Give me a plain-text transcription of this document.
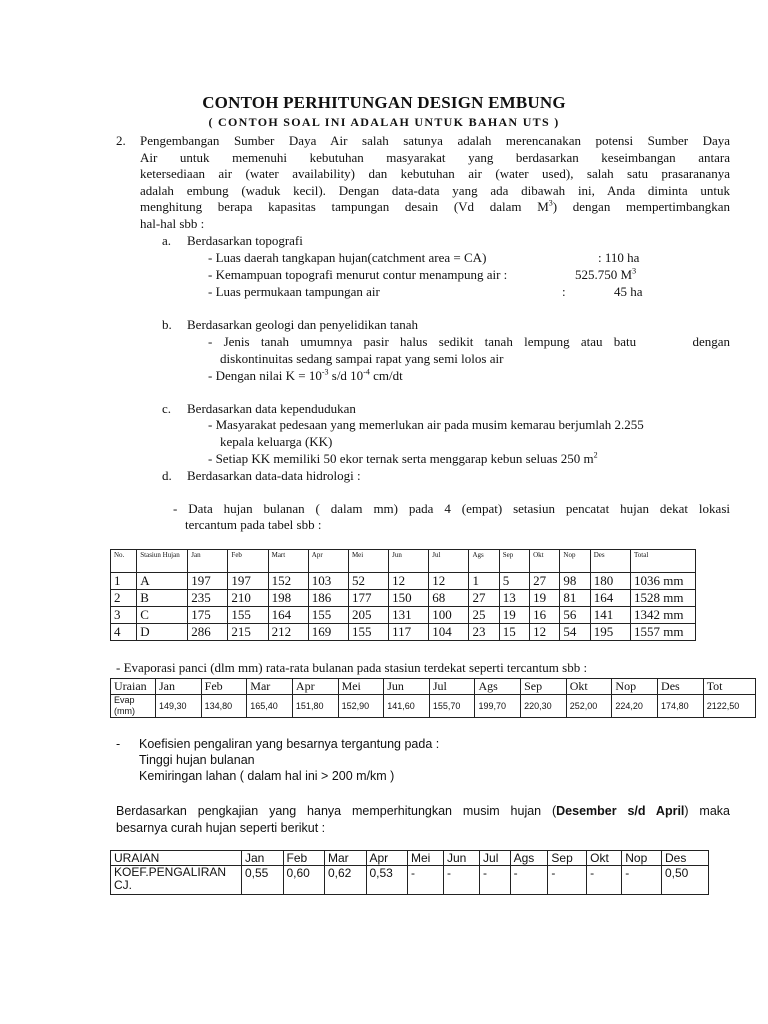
CONTOH PERHITUNGAN DESIGN EMBUNG
( CONTOH SOAL INI ADALAH UNTUK BAHAN UTS )
2. Pengembangan Sumber Daya Air salah satunya adalah merencanakan potensi Sumber Daya
Air untuk memenuhi kebutuhan masyarakat yang berdasarkan keseimbangan antara
ketersediaan air (water availability) dan kebutuhan air (water used), salah satu prasarananya
adalah embung (waduk kecil). Dengan data-data yang ada dibawah ini, Anda diminta untuk
menghitung berapa kapasitas tampungan desain (Vd dalam $M^3$) dengan mempertimbangkan
hal-hal sbb :
a. Berdasarkan topografi
- Luas daerah tangkapan hujan(catchment area = CA)	: 110 ha
- Kemampuan topografi menurut contur menampung air :	525.750 $M^3$
- Luas permukaan tampungan air	:	45 ha
b. Berdasarkan geologi dan penyelidikan tanah
- Jenis tanah umumnya pasir halus sedikit tanah lempung atau batu     dengan
diskontinuitas sedang sampai rapat yang semi lolos air
- Dengan nilai $K = 10^{-3}$ s/d $10^{-4}$ cm/dt
c. Berdasarkan data kependudukan
- Masyarakat pedesaan yang memerlukan air pada musim kemarau berjumlah 2.255
kepala keluarga (KK)
- Setiap KK memiliki 50 ekor ternak serta menggarap kebun seluas 250 $m^2$
d. Berdasarkan data-data hidrologi :
- Data hujan bulanan ( dalam mm) pada 4 (empat) setasiun pencatat hujan dekat lokasi
tercantum pada tabel sbb :
No.	Stasiun Hujan	Jan	Feb	Mart	Apr	Mei	Jun	Jul	Ags	Sep	Okt	Nop	Des	Total
1	A	197	197	152	103	52	12	12	1	5	27	98	180	1036 mm
2	B	235	210	198	186	177	150	68	27	13	19	81	164	1528 mm
3	C	175	155	164	155	205	131	100	25	19	16	56	141	1342 mm
4	D	286	215	212	169	155	117	104	23	15	12	54	195	1557 mm
- Evaporasi panci (dlm mm) rata-rata bulanan pada stasiun terdekat seperti tercantum sbb :
Uraian	Jan	Feb	Mar	Apr	Mei	Jun	Jul	Ags	Sep	Okt	Nop	Des	Tot
Evap (mm)	149,30	134,80	165,40	151,80	152,90	141,60	155,70	199,70	220,30	252,00	224,20	174,80	2122,50
- Koefisien pengaliran yang besarnya tergantung pada :
Tinggi hujan bulanan
Kemiringan lahan ( dalam hal ini > 200 m/km )
Berdasarkan pengkajian yang hanya memperhitungkan musim hujan (Desember s/d April) maka
besarnya curah hujan seperti berikut :
URAIAN	Jan	Feb	Mar	Apr	Mei	Jun	Jul	Ags	Sep	Okt	Nop	Des
KOEF.PENGALIRAN CJ.	0,55	0,60	0,62	0,53	-	-	-	-	-	-	-	0,50
